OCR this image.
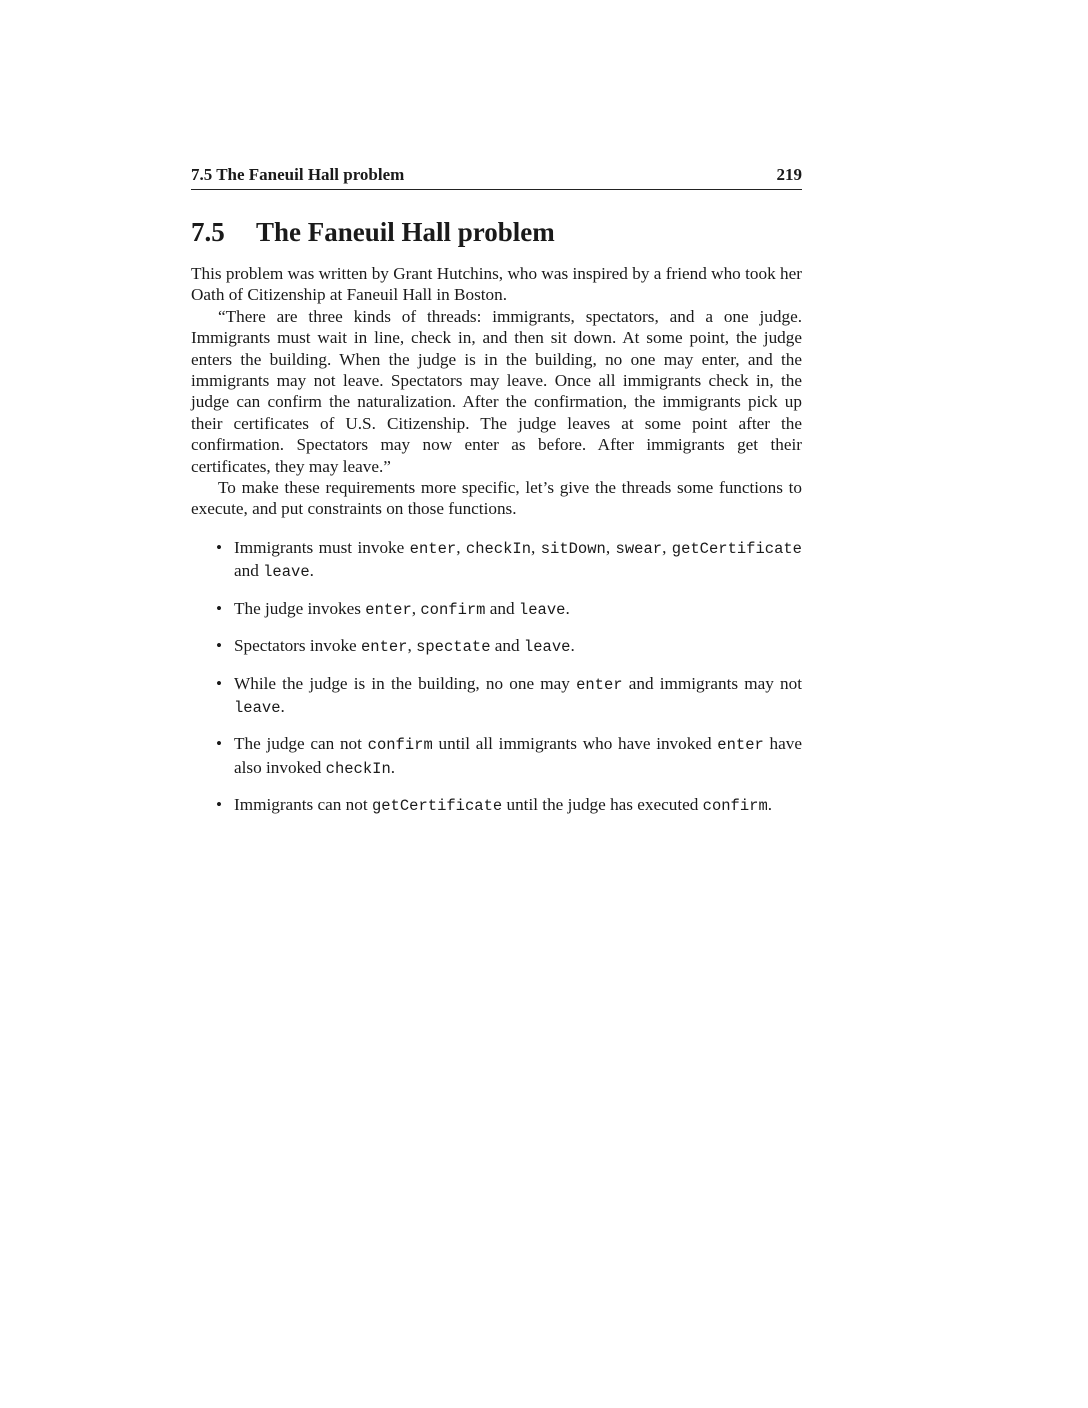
7.5 The Faneuil Hall problem	219
7.5	The Faneuil Hall problem

This problem was written by Grant Hutchins, who was inspired by a friend who took her Oath of Citizenship at Faneuil Hall in Boston.

“There are three kinds of threads: immigrants, spectators, and a one judge. Immigrants must wait in line, check in, and then sit down. At some point, the judge enters the building. When the judge is in the building, no one may enter, and the immigrants may not leave. Spectators may leave. Once all immigrants check in, the judge can confirm the naturalization. After the confirmation, the immigrants pick up their certificates of U.S. Citizenship. The judge leaves at some point after the confirmation. Spectators may now enter as before. After immigrants get their certificates, they may leave.”

To make these requirements more specific, let’s give the threads some functions to execute, and put constraints on those functions.

• Immigrants must invoke enter, checkIn, sitDown, swear, getCertificate and leave.
• The judge invokes enter, confirm and leave.
• Spectators invoke enter, spectate and leave.
• While the judge is in the building, no one may enter and immigrants may not leave.
• The judge can not confirm until all immigrants who have invoked enter have also invoked checkIn.
• Immigrants can not getCertificate until the judge has executed confirm.
